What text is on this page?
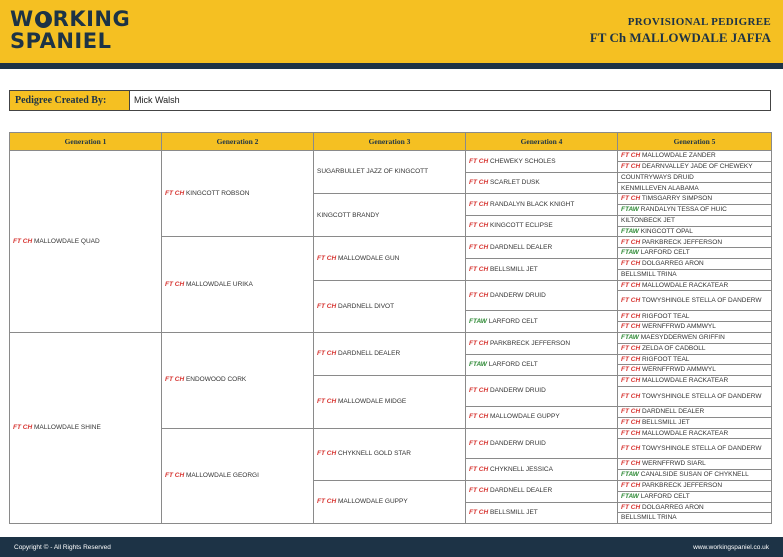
W RKING
SPANIEL
PROVISIONAL PEDIGREE
FT Ch MALLOWDALE JAFFA
Pedigree Created By:	Mick Walsh
Generation 1	Generation 2	Generation 3	Generation 4	Generation 5
FT CH MALLOWDALE QUAD	FT CH KINGCOTT ROBSON	SUGARBULLET JAZZ OF KINGCOTT	FT CH CHEWEKY SCHOLES	FT CH MALLOWDALE ZANDER
				FT CH DEARNVALLEY JADE OF CHEWEKY
			FT CH SCARLET DUSK	COUNTRYWAYS DRUID
				KENMILLEVEN ALABAMA
		KINGCOTT BRANDY	FT CH RANDALYN BLACK KNIGHT	FT CH TIMSGARRY SIMPSON
				FTAW RANDALYN TESSA OF HUIC
			FT CH KINGCOTT ECLIPSE	KILTONBECK JET
				FTAW KINGCOTT OPAL
	FT CH MALLOWDALE URIKA	FT CH MALLOWDALE GUN	FT CH DARDNELL DEALER	FT CH PARKBRECK JEFFERSON
				FTAW LARFORD CELT
			FT CH BELLSMILL JET	FT CH DOLGARREG ARON
				BELLSMILL TRINA
		FT CH DARDNELL DIVOT	FT CH DANDERW DRUID	FT CH MALLOWDALE RACKATEAR
				FT CH TOWYSHINGLE STELLA OF DANDERW
			FTAW LARFORD CELT	FT CH RIGFOOT TEAL
				FT CH WERNFFRWD AMMWYL
FT CH MALLOWDALE SHINE	FT CH ENDOWOOD CORK	FT CH DARDNELL DEALER	FT CH PARKBRECK JEFFERSON	FTAW MAESYDDERWEN GRIFFIN
				FT CH ZELDA OF CADBOLL
			FTAW LARFORD CELT	FT CH RIGFOOT TEAL
				FT CH WERNFFRWD AMMWYL
		FT CH MALLOWDALE MIDGE	FT CH DANDERW DRUID	FT CH MALLOWDALE RACKATEAR
				FT CH TOWYSHINGLE STELLA OF DANDERW
			FT CH MALLOWDALE GUPPY	FT CH DARDNELL DEALER
				FT CH BELLSMILL JET
	FT CH MALLOWDALE GEORGI	FT CH CHYKNELL GOLD STAR	FT CH DANDERW DRUID	FT CH MALLOWDALE RACKATEAR
				FT CH TOWYSHINGLE STELLA OF DANDERW
			FT CH CHYKNELL JESSICA	FT CH WERNFFRWD SIARL
				FTAW CANALSIDE SUSAN OF CHYKNELL
		FT CH MALLOWDALE GUPPY	FT CH DARDNELL DEALER	FT CH PARKBRECK JEFFERSON
				FTAW LARFORD CELT
			FT CH BELLSMILL JET	FT CH DOLGARREG ARON
				BELLSMILL TRINA
Copyright © - All Rights Reserved	www.workingspaniel.co.uk
